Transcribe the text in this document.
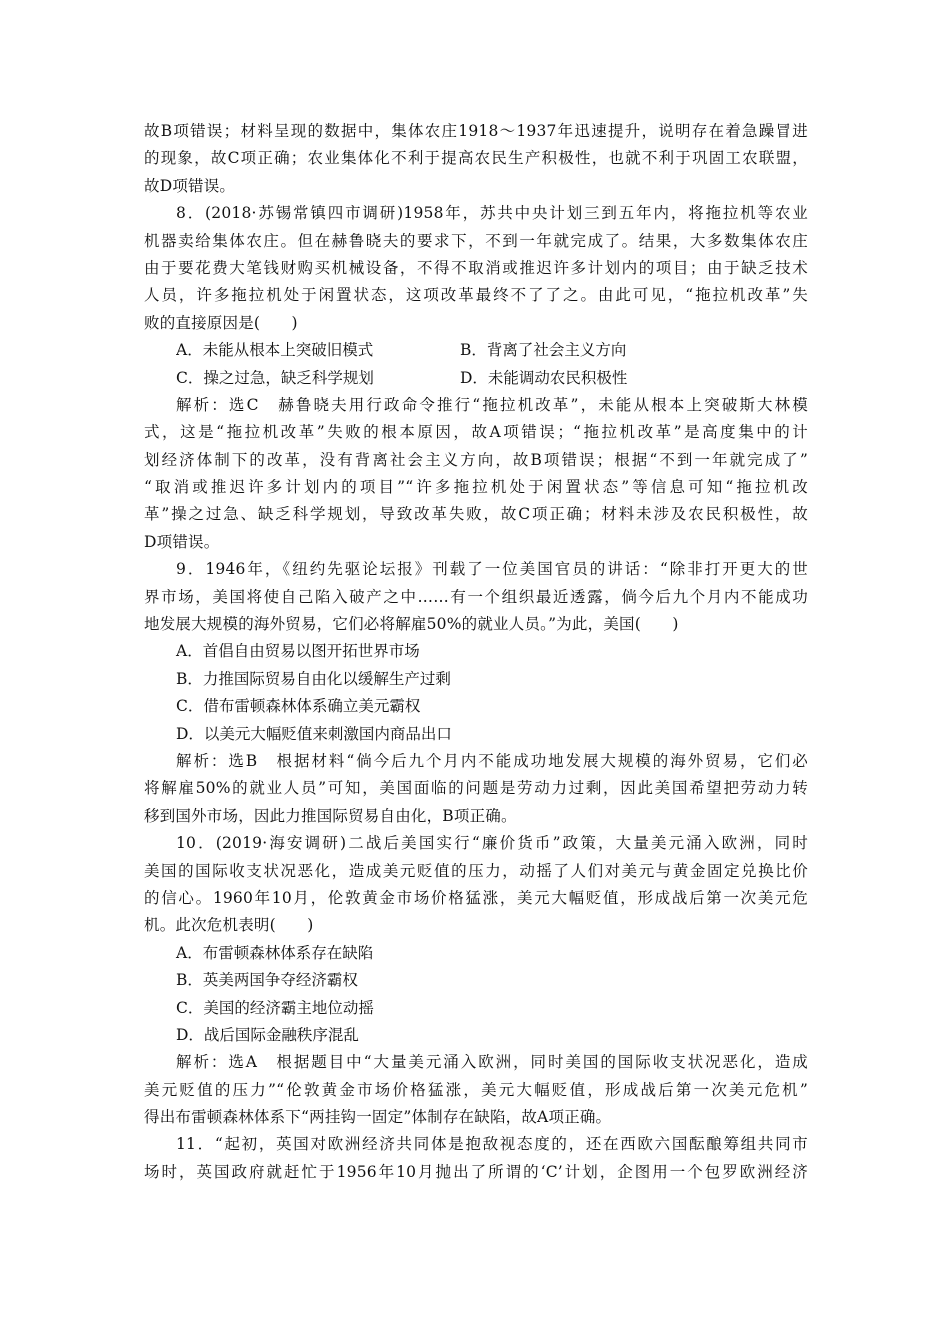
故B项错误；材料呈现的数据中，集体农庄1918～1937年迅速提升，说明存在着急躁冒进
的现象，故C项正确；农业集体化不利于提高农民生产积极性，也就不利于巩固工农联盟，
故D项错误。
8．(2018·苏锡常镇四市调研)1958年，苏共中央计划三到五年内，将拖拉机等农业
机器卖给集体农庄。但在赫鲁晓夫的要求下，不到一年就完成了。结果，大多数集体农庄
由于要花费大笔钱财购买机械设备，不得不取消或推迟许多计划内的项目；由于缺乏技术
人员，许多拖拉机处于闲置状态，这项改革最终不了了之。由此可见，“拖拉机改革”失
败的直接原因是(　　)
A．未能从根本上突破旧模式	B．背离了社会主义方向
C．操之过急，缺乏科学规划	D．未能调动农民积极性
解析：选C　赫鲁晓夫用行政命令推行“拖拉机改革”，未能从根本上突破斯大林模
式，这是“拖拉机改革”失败的根本原因，故A项错误；“拖拉机改革”是高度集中的计
划经济体制下的改革，没有背离社会主义方向，故B项错误；根据“不到一年就完成了”
“取消或推迟许多计划内的项目”“许多拖拉机处于闲置状态”等信息可知“拖拉机改
革”操之过急、缺乏科学规划，导致改革失败，故C项正确；材料未涉及农民积极性，故
D项错误。
9．1946年，《纽约先驱论坛报》刊载了一位美国官员的讲话：“除非打开更大的世
界市场，美国将使自己陷入破产之中……有一个组织最近透露，倘今后九个月内不能成功
地发展大规模的海外贸易，它们必将解雇50%的就业人员。”为此，美国(　　)
A．首倡自由贸易以图开拓世界市场
B．力推国际贸易自由化以缓解生产过剩
C．借布雷顿森林体系确立美元霸权
D．以美元大幅贬值来刺激国内商品出口
解析：选B　根据材料“倘今后九个月内不能成功地发展大规模的海外贸易，它们必
将解雇50%的就业人员”可知，美国面临的问题是劳动力过剩，因此美国希望把劳动力转
移到国外市场，因此力推国际贸易自由化，B项正确。
10．(2019·海安调研)二战后美国实行“廉价货币”政策，大量美元涌入欧洲，同时
美国的国际收支状况恶化，造成美元贬值的压力，动摇了人们对美元与黄金固定兑换比价
的信心。1960年10月，伦敦黄金市场价格猛涨，美元大幅贬值，形成战后第一次美元危
机。此次危机表明(　　)
A．布雷顿森林体系存在缺陷
B．英美两国争夺经济霸权
C．美国的经济霸主地位动摇
D．战后国际金融秩序混乱
解析：选A　根据题目中“大量美元涌入欧洲，同时美国的国际收支状况恶化，造成
美元贬值的压力”“伦敦黄金市场价格猛涨，美元大幅贬值，形成战后第一次美元危机”
得出布雷顿森林体系下“两挂钩一固定”体制存在缺陷，故A项正确。
11．“起初，英国对欧洲经济共同体是抱敌视态度的，还在西欧六国酝酿筹组共同市
场时，英国政府就赶忙于1956年10月抛出了所谓的‘C’计划，企图用一个包罗欧洲经济
